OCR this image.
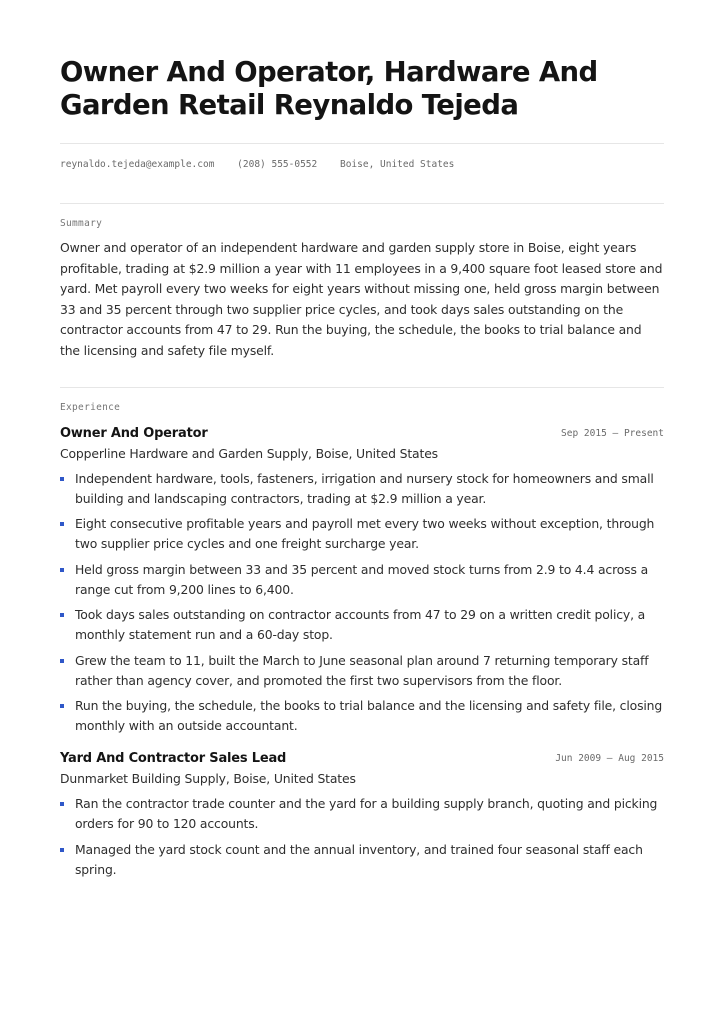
Owner And Operator, Hardware And Garden Retail Reynaldo Tejeda
reynaldo.tejeda@example.com (208) 555-0552 Boise, United States
Summary
Owner and operator of an independent hardware and garden supply store in Boise, eight years profitable, trading at $2.9 million a year with 11 employees in a 9,400 square foot leased store and yard. Met payroll every two weeks for eight years without missing one, held gross margin between 33 and 35 percent through two supplier price cycles, and took days sales outstanding on the contractor accounts from 47 to 29. Run the buying, the schedule, the books to trial balance and the licensing and safety file myself.
Experience
Owner And Operator	Sep 2015 — Present
Copperline Hardware and Garden Supply, Boise, United States
Independent hardware, tools, fasteners, irrigation and nursery stock for homeowners and small building and landscaping contractors, trading at $2.9 million a year.
Eight consecutive profitable years and payroll met every two weeks without exception, through two supplier price cycles and one freight surcharge year.
Held gross margin between 33 and 35 percent and moved stock turns from 2.9 to 4.4 across a range cut from 9,200 lines to 6,400.
Took days sales outstanding on contractor accounts from 47 to 29 on a written credit policy, a monthly statement run and a 60-day stop.
Grew the team to 11, built the March to June seasonal plan around 7 returning temporary staff rather than agency cover, and promoted the first two supervisors from the floor.
Run the buying, the schedule, the books to trial balance and the licensing and safety file, closing monthly with an outside accountant.
Yard And Contractor Sales Lead	Jun 2009 — Aug 2015
Dunmarket Building Supply, Boise, United States
Ran the contractor trade counter and the yard for a building supply branch, quoting and picking orders for 90 to 120 accounts.
Managed the yard stock count and the annual inventory, and trained four seasonal staff each spring.
